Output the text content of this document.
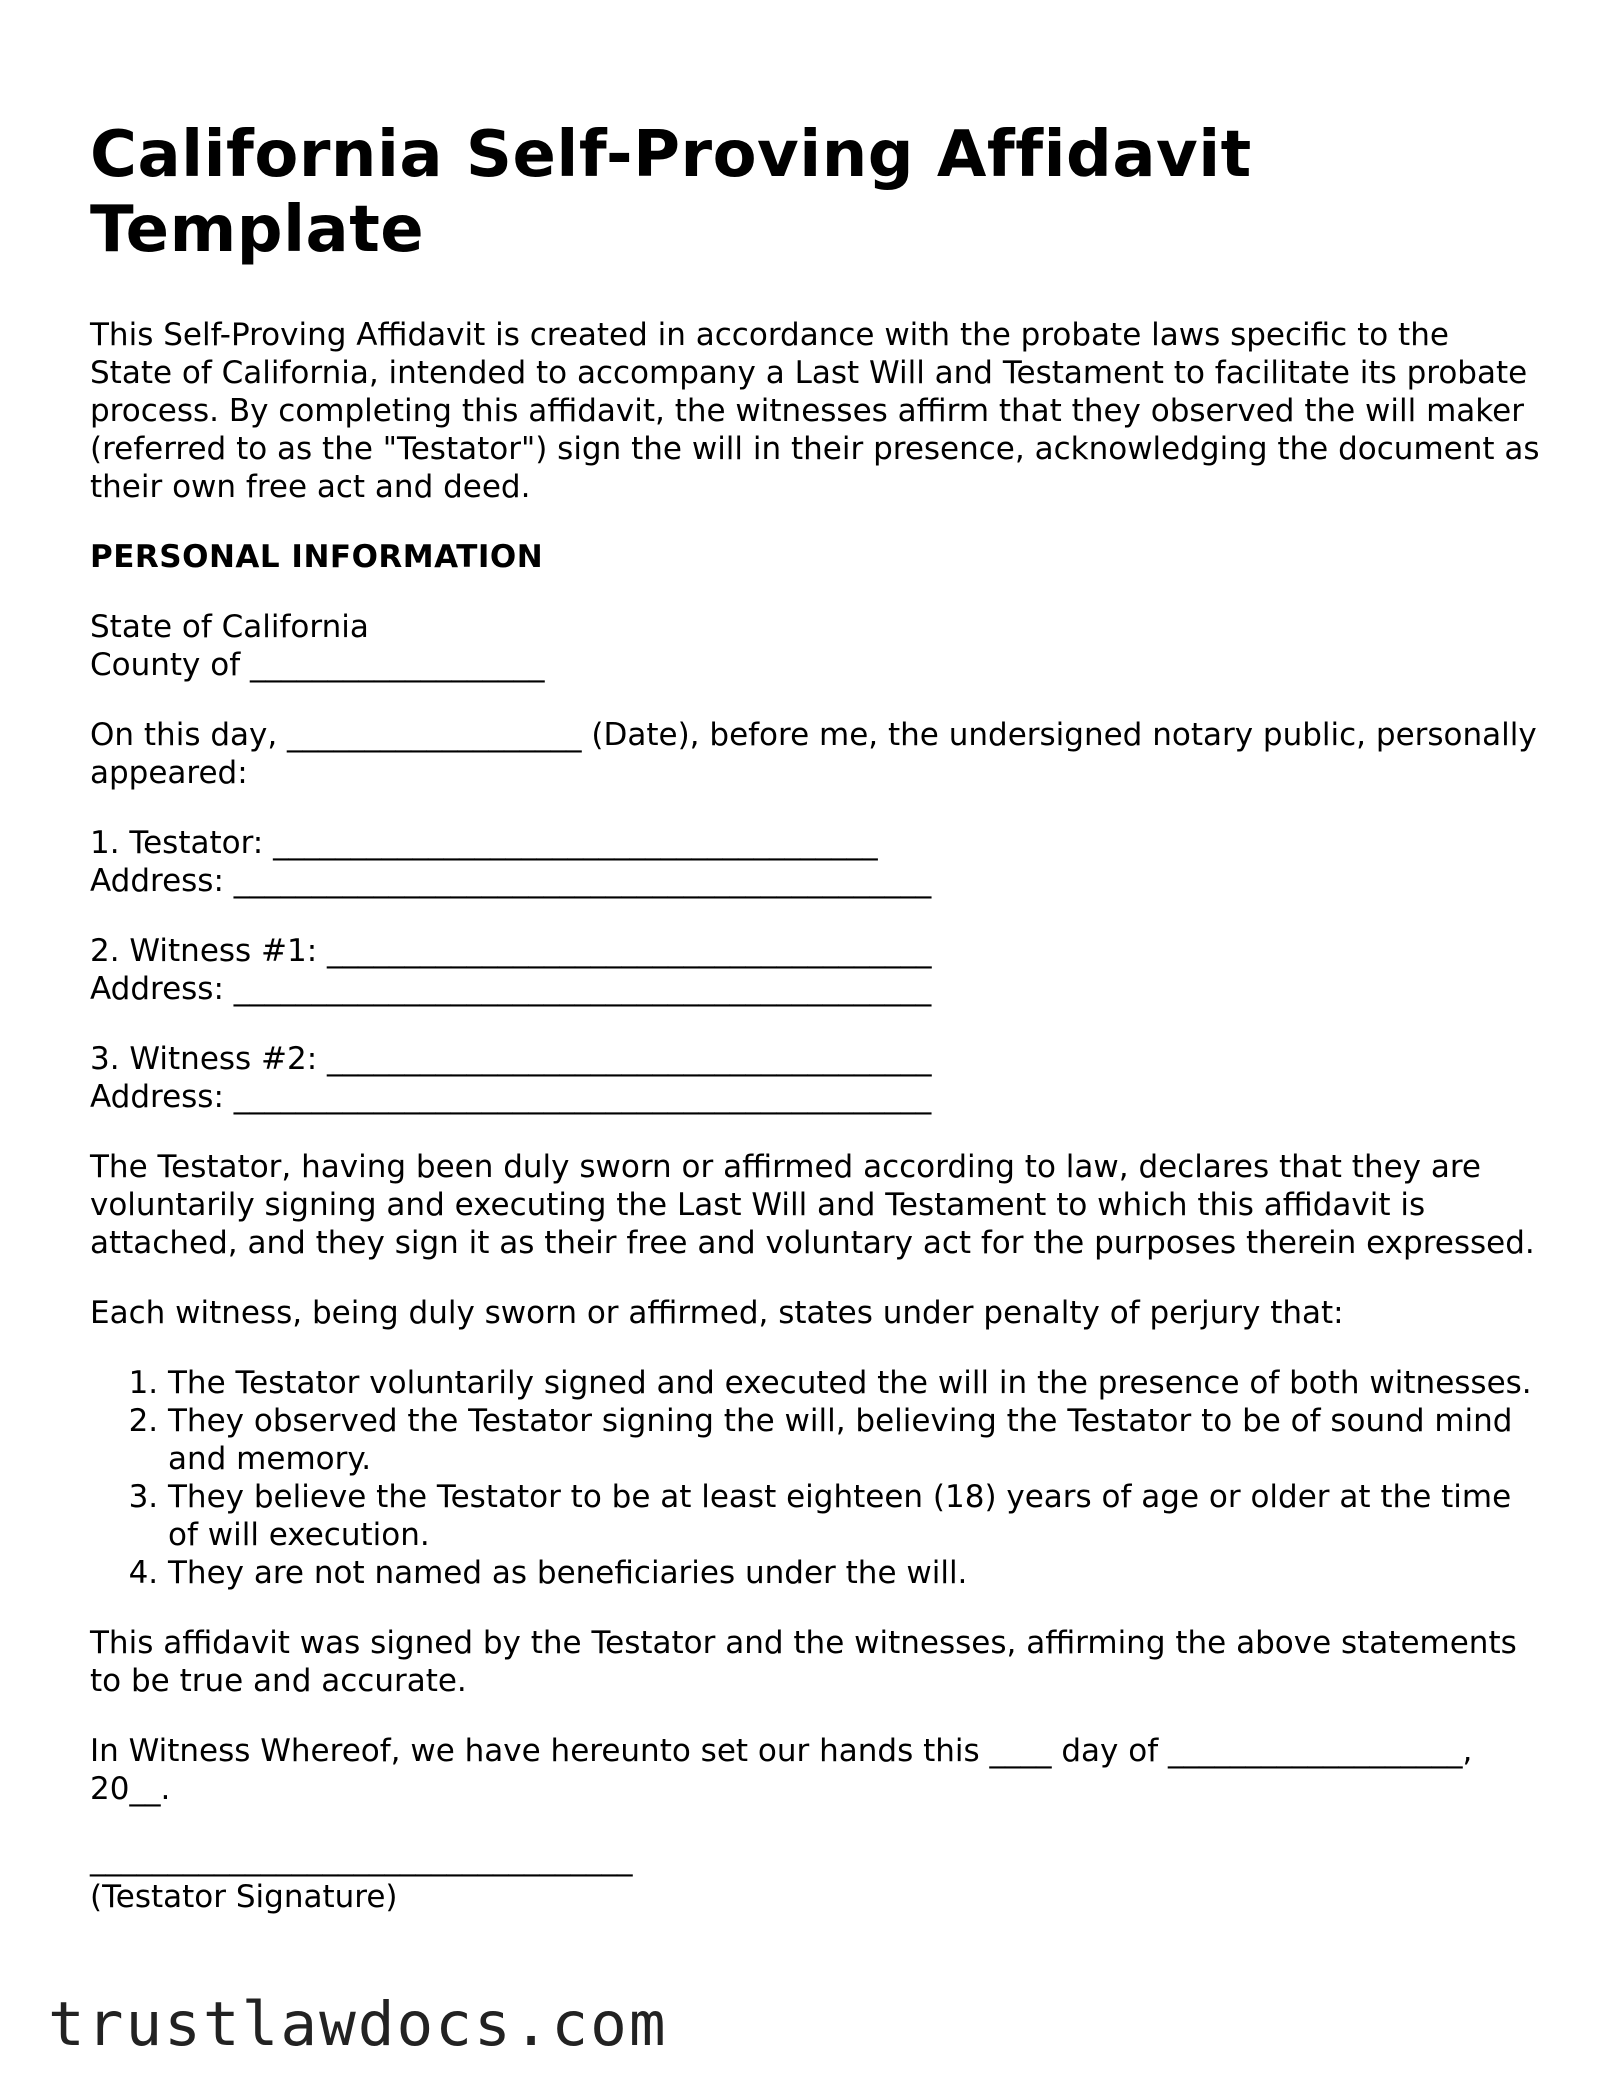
California Self-Proving Affidavit
Template

This Self-Proving Affidavit is created in accordance with the probate laws specific to the State of California, intended to accompany a Last Will and Testament to facilitate its probate process. By completing this affidavit, the witnesses affirm that they observed the will maker (referred to as the "Testator") sign the will in their presence, acknowledging the document as their own free act and deed.

PERSONAL INFORMATION

State of California
County of ___________________

On this day, ___________________ (Date), before me, the undersigned notary public, personally appeared:

1. Testator: _______________________________________
Address: _____________________________________________

2. Witness #1: _______________________________________
Address: _____________________________________________

3. Witness #2: _______________________________________
Address: _____________________________________________

The Testator, having been duly sworn or affirmed according to law, declares that they are voluntarily signing and executing the Last Will and Testament to which this affidavit is attached, and they sign it as their free and voluntary act for the purposes therein expressed.

Each witness, being duly sworn or affirmed, states under penalty of perjury that:

1. The Testator voluntarily signed and executed the will in the presence of both witnesses.
2. They observed the Testator signing the will, believing the Testator to be of sound mind and memory.
3. They believe the Testator to be at least eighteen (18) years of age or older at the time of will execution.
4. They are not named as beneficiaries under the will.

This affidavit was signed by the Testator and the witnesses, affirming the above statements to be true and accurate.

In Witness Whereof, we have hereunto set our hands this ____ day of ___________________, 20__.

___________________________________
(Testator Signature)

trustlawdocs.com
